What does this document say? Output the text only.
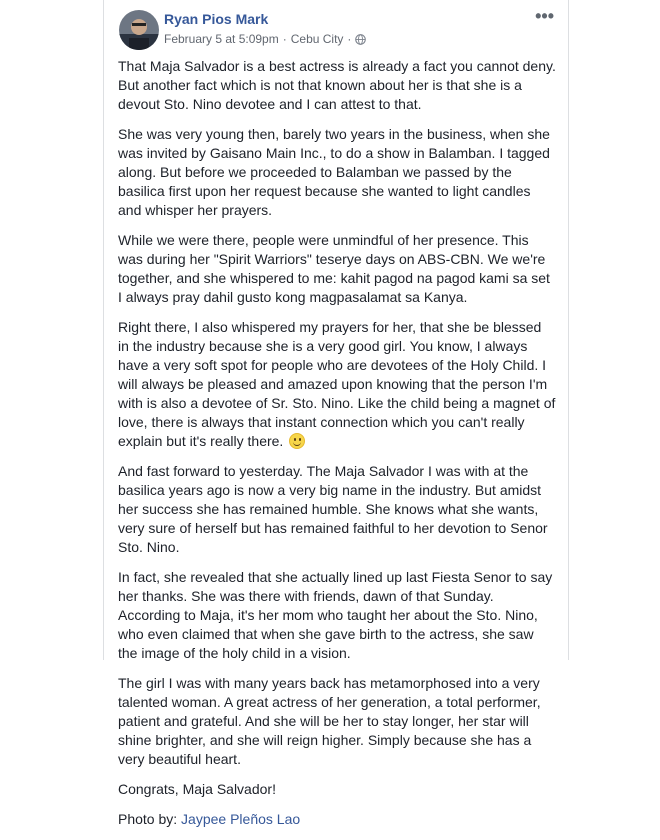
Ryan Pios Mark
February 5 at 5:09pm · Cebu City ·
•••

That Maja Salvador is a best actress is already a fact you cannot deny. But another fact which is not that known about her is that she is a devout Sto. Nino devotee and I can attest to that.

She was very young then, barely two years in the business, when she was invited by Gaisano Main Inc., to do a show in Balamban. I tagged along. But before we proceeded to Balamban we passed by the basilica first upon her request because she wanted to light candles and whisper her prayers.

While we were there, people were unmindful of her presence. This was during her "Spirit Warriors" teserye days on ABS-CBN. We we're together, and she whispered to me: kahit pagod na pagod kami sa set I always pray dahil gusto kong magpasalamat sa Kanya.

Right there, I also whispered my prayers for her, that she be blessed in the industry because she is a very good girl. You know, I always have a very soft spot for people who are devotees of the Holy Child. I will always be pleased and amazed upon knowing that the person I'm with is also a devotee of Sr. Sto. Nino. Like the child being a magnet of love, there is always that instant connection which you can't really explain but it's really there.

And fast forward to yesterday. The Maja Salvador I was with at the basilica years ago is now a very big name in the industry. But amidst her success she has remained humble. She knows what she wants, very sure of herself but has remained faithful to her devotion to Senor Sto. Nino.

In fact, she revealed that she actually lined up last Fiesta Senor to say her thanks. She was there with friends, dawn of that Sunday. According to Maja, it's her mom who taught her about the Sto. Nino, who even claimed that when she gave birth to the actress, she saw the image of the holy child in a vision.

The girl I was with many years back has metamorphosed into a very talented woman. A great actress of her generation, a total performer, patient and grateful. And she will be her to stay longer, her star will shine brighter, and she will reign higher. Simply because she has a very beautiful heart.

Congrats, Maja Salvador!

Photo by: Jaypee Pleños Lao
